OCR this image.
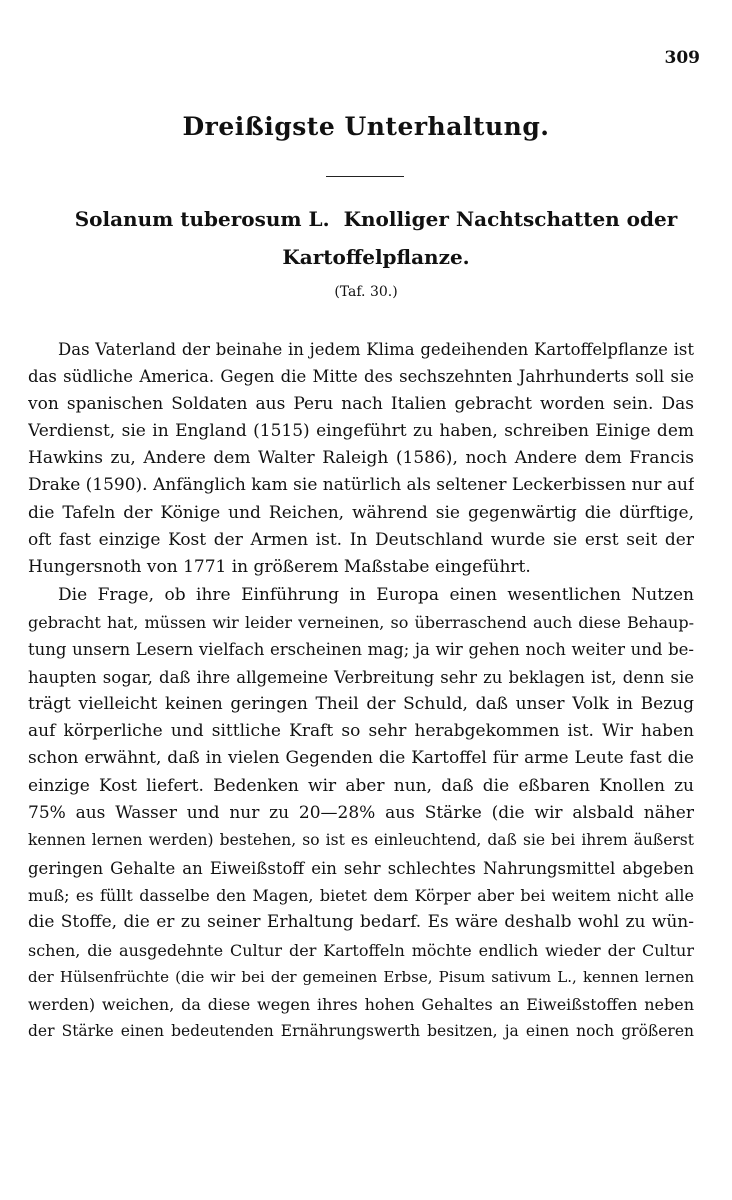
309
Dreißigste Unterhaltung.
Solanum tuberosum L. Knolliger Nachtschatten oder
Kartoffelpflanze.
(Taf. 30.)
Das Vaterland der beinahe in jedem Klima gedeihenden Kartoffelpflanze ist
das südliche America. Gegen die Mitte des sechszehnten Jahrhunderts soll sie
von spanischen Soldaten aus Peru nach Italien gebracht worden sein. Das
Verdienst, sie in England (1515) eingeführt zu haben, schreiben Einige dem
Hawkins zu, Andere dem Walter Raleigh (1586), noch Andere dem Francis
Drake (1590). Anfänglich kam sie natürlich als seltener Leckerbissen nur auf
die Tafeln der Könige und Reichen, während sie gegenwärtig die dürftige,
oft fast einzige Kost der Armen ist. In Deutschland wurde sie erst seit der
Hungersnoth von 1771 in größerem Maßstabe eingeführt.
Die Frage, ob ihre Einführung in Europa einen wesentlichen Nutzen
gebracht hat, müssen wir leider verneinen, so überraschend auch diese Behaup-
tung unsern Lesern vielfach erscheinen mag; ja wir gehen noch weiter und be-
haupten sogar, daß ihre allgemeine Verbreitung sehr zu beklagen ist, denn sie
trägt vielleicht keinen geringen Theil der Schuld, daß unser Volk in Bezug
auf körperliche und sittliche Kraft so sehr herabgekommen ist. Wir haben
schon erwähnt, daß in vielen Gegenden die Kartoffel für arme Leute fast die
einzige Kost liefert. Bedenken wir aber nun, daß die eßbaren Knollen zu
75% aus Wasser und nur zu 20—28% aus Stärke (die wir alsbald näher
kennen lernen werden) bestehen, so ist es einleuchtend, daß sie bei ihrem äußerst
geringen Gehalte an Eiweißstoff ein sehr schlechtes Nahrungsmittel abgeben
muß; es füllt dasselbe den Magen, bietet dem Körper aber bei weitem nicht alle
die Stoffe, die er zu seiner Erhaltung bedarf. Es wäre deshalb wohl zu wün-
schen, die ausgedehnte Cultur der Kartoffeln möchte endlich wieder der Cultur
der Hülsenfrüchte (die wir bei der gemeinen Erbse, Pisum sativum L., kennen lernen
werden) weichen, da diese wegen ihres hohen Gehaltes an Eiweißstoffen neben
der Stärke einen bedeutenden Ernährungswerth besitzen, ja einen noch größeren
